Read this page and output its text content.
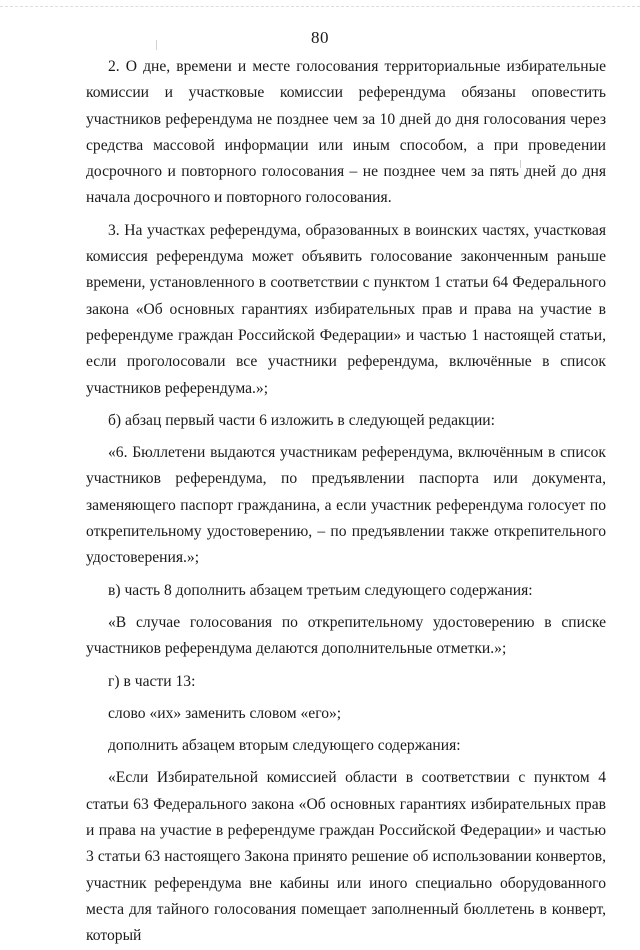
80

2. О дне, времени и месте голосования территориальные избирательные комиссии и участковые комиссии референдума обязаны оповестить участников референдума не позднее чем за 10 дней до дня голосования через средства массовой информации или иным способом, а при проведении досрочного и повторного голосования – не позднее чем за пять дней до дня начала досрочного и повторного голосования.

3. На участках референдума, образованных в воинских частях, участковая комиссия референдума может объявить голосование законченным раньше времени, установленного в соответствии с пунктом 1 статьи 64 Федерального закона «Об основных гарантиях избирательных прав и права на участие в референдуме граждан Российской Федерации» и частью 1 настоящей статьи, если проголосовали все участники референдума, включённые в список участников референдума.»;

б) абзац первый части 6 изложить в следующей редакции:

«6. Бюллетени выдаются участникам референдума, включённым в список участников референдума, по предъявлении паспорта или документа, заменяющего паспорт гражданина, а если участник референдума голосует по открепительному удостоверению, – по предъявлении также открепительного удостоверения.»;

в) часть 8 дополнить абзацем третьим следующего содержания:

«В случае голосования по открепительному удостоверению в списке участников референдума делаются дополнительные отметки.»;

г) в части 13:

слово «их» заменить словом «его»;

дополнить абзацем вторым следующего содержания:

«Если Избирательной комиссией области в соответствии с пунктом 4 статьи 63 Федерального закона «Об основных гарантиях избирательных прав и права на участие в референдуме граждан Российской Федерации» и частью 3 статьи 63 настоящего Закона принято решение об использовании конвертов, участник референдума вне кабины или иного специально оборудованного места для тайного голосования помещает заполненный бюллетень в конверт, который
